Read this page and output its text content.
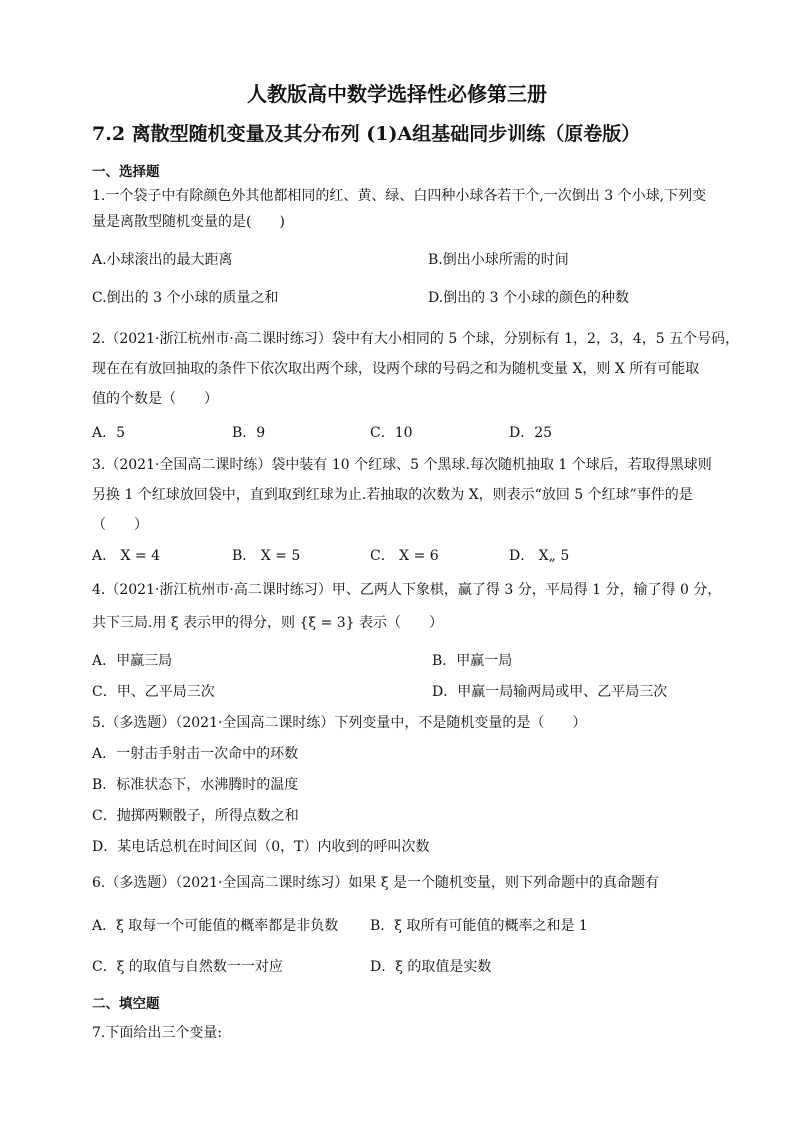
人教版高中数学选择性必修第三册
7.2 离散型随机变量及其分布列 (1)A组基础同步训练（原卷版）
一、选择题
1.一个袋子中有除颜色外其他都相同的红、黄、绿、白四种小球各若干个,一次倒出 3 个小球,下列变
量是离散型随机变量的是(　　)
A.小球滚出的最大距离	B.倒出小球所需的时间
C.倒出的 3 个小球的质量之和	D.倒出的 3 个小球的颜色的种数
2.（2021·浙江杭州市·高二课时练习）袋中有大小相同的 5 个球，分别标有 1，2，3，4，5 五个号码，
现在在有放回抽取的条件下依次取出两个球，设两个球的号码之和为随机变量 X，则 X 所有可能取
值的个数是（　　）
A．5	B．9	C．10	D．25
3.（2021·全国高二课时练）袋中装有 10 个红球、5 个黑球.每次随机抽取 1 个球后，若取得黑球则
另换 1 个红球放回袋中，直到取到红球为止.若抽取的次数为 X，则表示“放回 5 个红球”事件的是
（　　）
A． X = 4	B． X = 5	C． X = 6	D． X„ 5
4.（2021·浙江杭州市·高二课时练习）甲、乙两人下象棋，赢了得 3 分，平局得 1 分，输了得 0 分，
共下三局.用 ξ 表示甲的得分，则 {ξ = 3} 表示（　　）
A．甲赢三局	B．甲赢一局
C．甲、乙平局三次	D．甲赢一局输两局或甲、乙平局三次
5.（多选题）（2021·全国高二课时练）下列变量中，不是随机变量的是（　　）
A．一射击手射击一次命中的环数
B．标准状态下，水沸腾时的温度
C．抛掷两颗骰子，所得点数之和
D．某电话总机在时间区间（0，T）内收到的呼叫次数
6.（多选题）（2021·全国高二课时练习）如果 ξ 是一个随机变量，则下列命题中的真命题有
A．ξ 取每一个可能值的概率都是非负数 B．ξ 取所有可能值的概率之和是 1
C．ξ 的取值与自然数一一对应	D．ξ 的取值是实数
二、填空题
7.下面给出三个变量:
